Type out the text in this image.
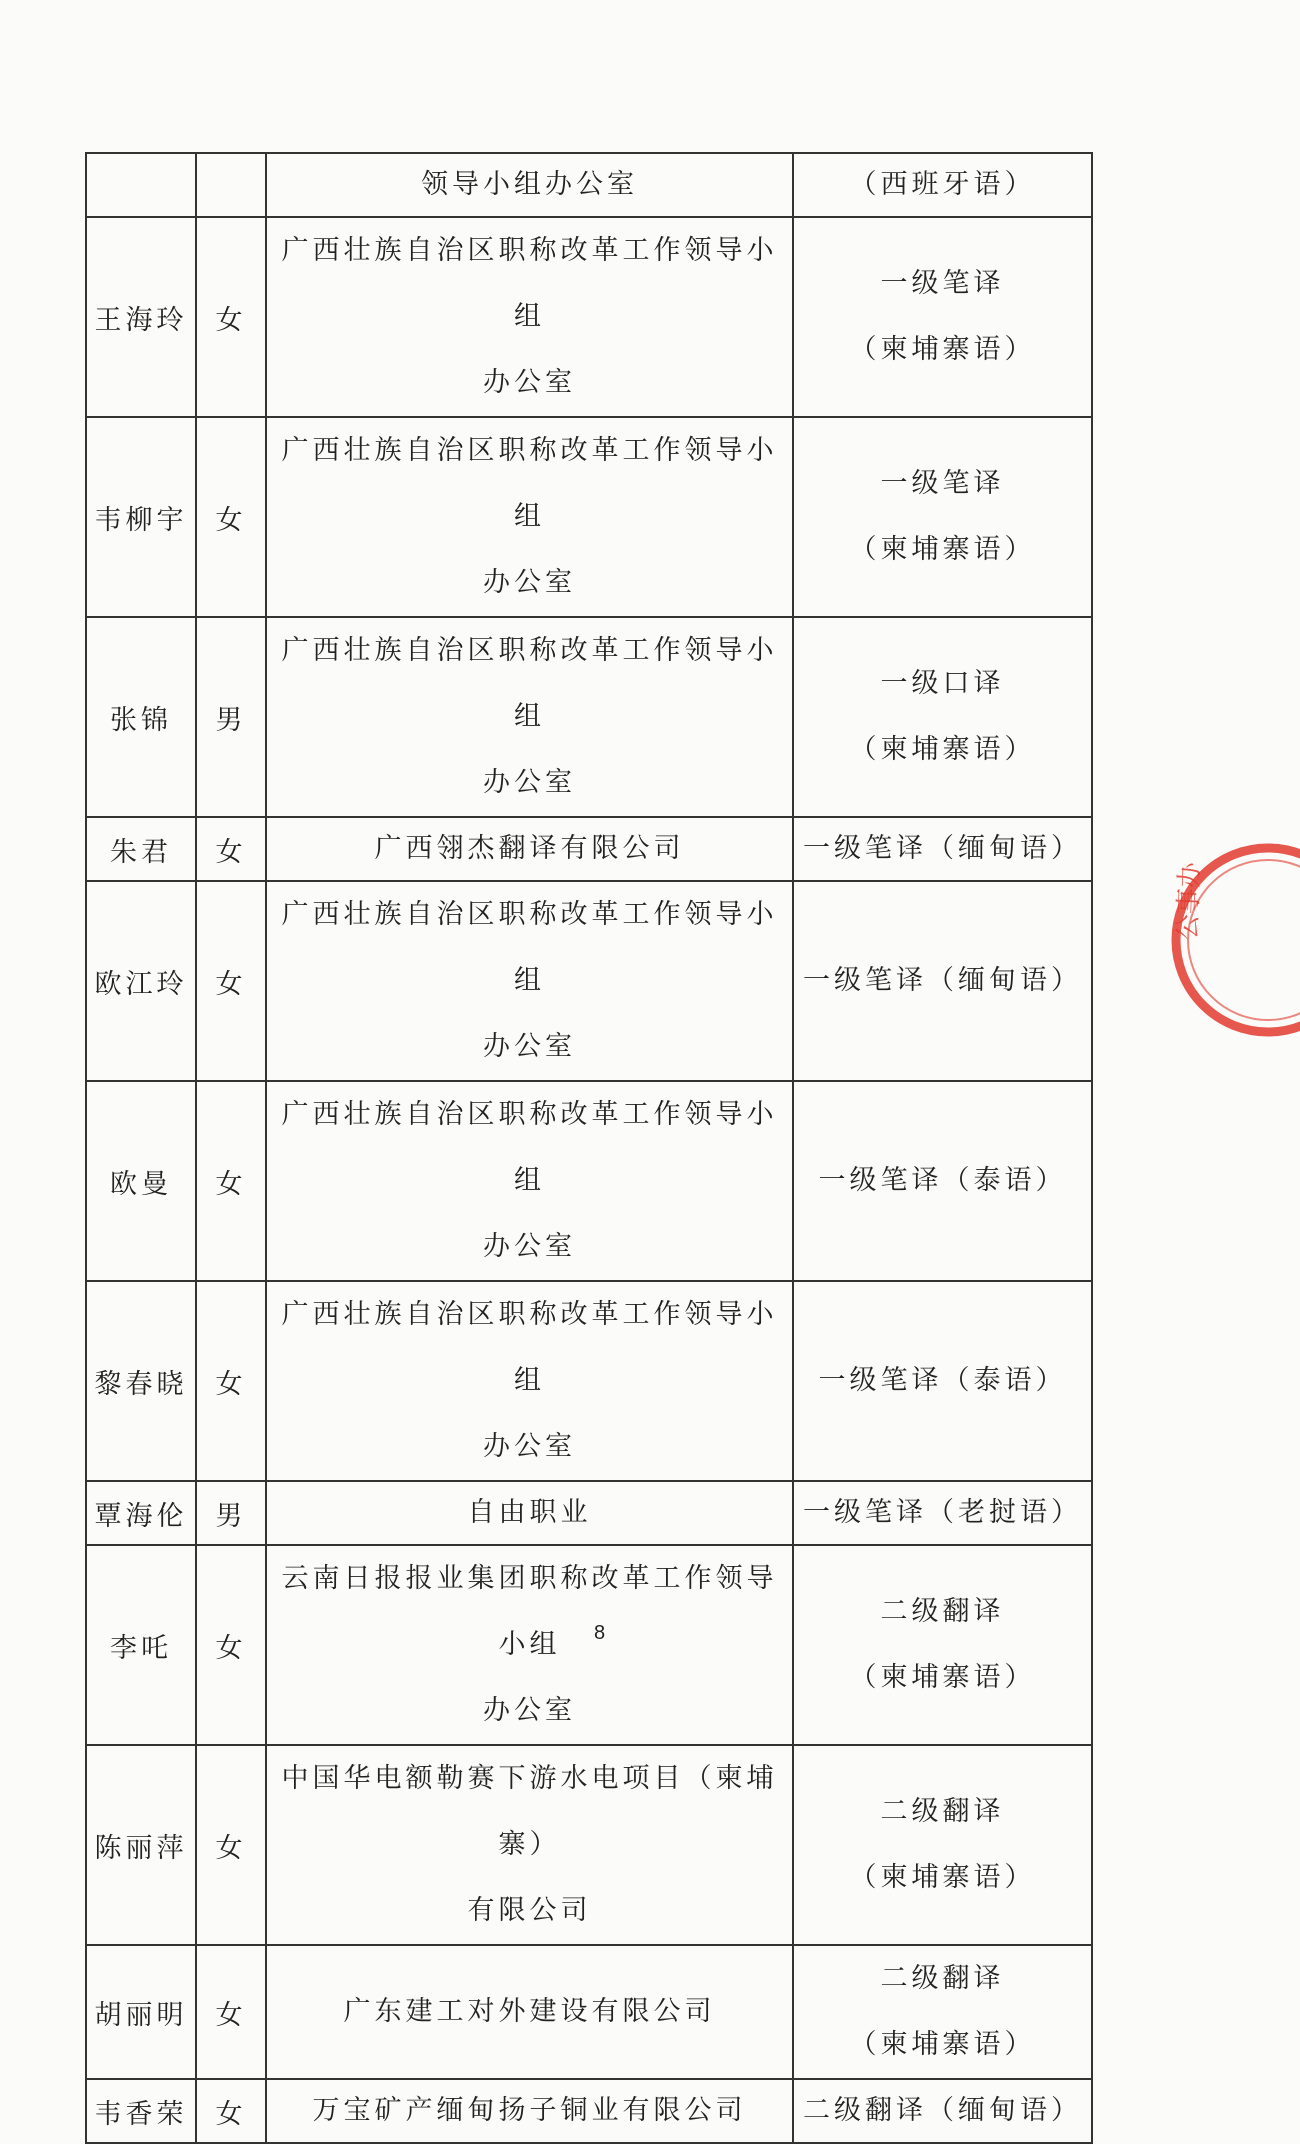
		领导小组办公室	（西班牙语）

王海玲	女	广西壮族自治区职称改革工作领导小组
办公室	一级笔译
（柬埔寨语）

韦柳宇	女	广西壮族自治区职称改革工作领导小组
办公室	一级笔译
（柬埔寨语）

张锦	男	广西壮族自治区职称改革工作领导小组
办公室	一级口译
（柬埔寨语）

朱君	女	广西翎杰翻译有限公司	一级笔译（缅甸语）

欧江玲	女	广西壮族自治区职称改革工作领导小组
办公室	一级笔译（缅甸语）

欧曼	女	广西壮族自治区职称改革工作领导小组
办公室	一级笔译（泰语）

黎春晓	女	广西壮族自治区职称改革工作领导小组
办公室	一级笔译（泰语）

覃海伦	男	自由职业	一级笔译（老挝语）

李吒	女	云南日报报业集团职称改革工作领导小组
办公室	二级翻译
（柬埔寨语）

陈丽萍	女	中国华电额勒赛下游水电项目（柬埔寨）
有限公司	二级翻译
（柬埔寨语）

胡丽明	女	广东建工对外建设有限公司	二级翻译
（柬埔寨语）

韦香荣	女	万宝矿产缅甸扬子铜业有限公司	二级翻译（缅甸语）
公事办
8
